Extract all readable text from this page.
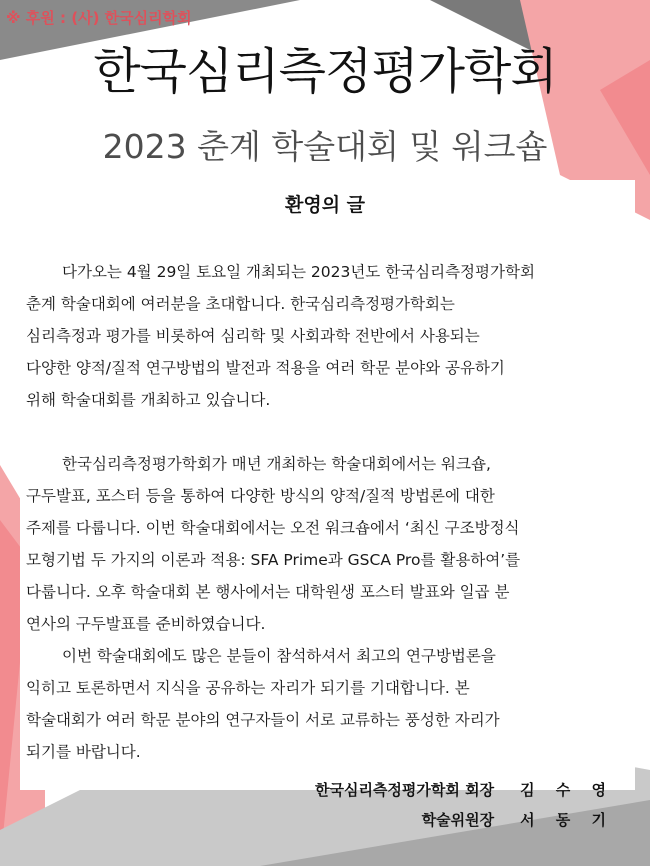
※ 후원 : (사) 한국심리학회
한국심리측정평가학회
2023 춘계 학술대회 및 워크숍
환영의 글
다가오는 4월 29일 토요일 개최되는 2023년도 한국심리측정평가학회
춘계 학술대회에 여러분을 초대합니다. 한국심리측정평가학회는
심리측정과 평가를 비롯하여 심리학 및 사회과학 전반에서 사용되는
다양한 양적/질적 연구방법의 발전과 적용을 여러 학문 분야와 공유하기
위해 학술대회를 개최하고 있습니다.
한국심리측정평가학회가 매년 개최하는 학술대회에서는 워크숍,
구두발표, 포스터 등을 통하여 다양한 방식의 양적/질적 방법론에 대한
주제를 다룹니다. 이번 학술대회에서는 오전 워크숍에서 ‘최신 구조방정식
모형기법 두 가지의 이론과 적용: SFA Prime과 GSCA Pro를 활용하여’를
다룹니다. 오후 학술대회 본 행사에서는 대학원생 포스터 발표와 일곱 분
연사의 구두발표를 준비하였습니다.
이번 학술대회에도 많은 분들이 참석하셔서 최고의 연구방법론을
익히고 토론하면서 지식을 공유하는 자리가 되기를 기대합니다. 본
학술대회가 여러 학문 분야의 연구자들이 서로 교류하는 풍성한 자리가
되기를 바랍니다.
한국심리측정평가학회 회장 김 수 영
학술위원장 서 동 기
